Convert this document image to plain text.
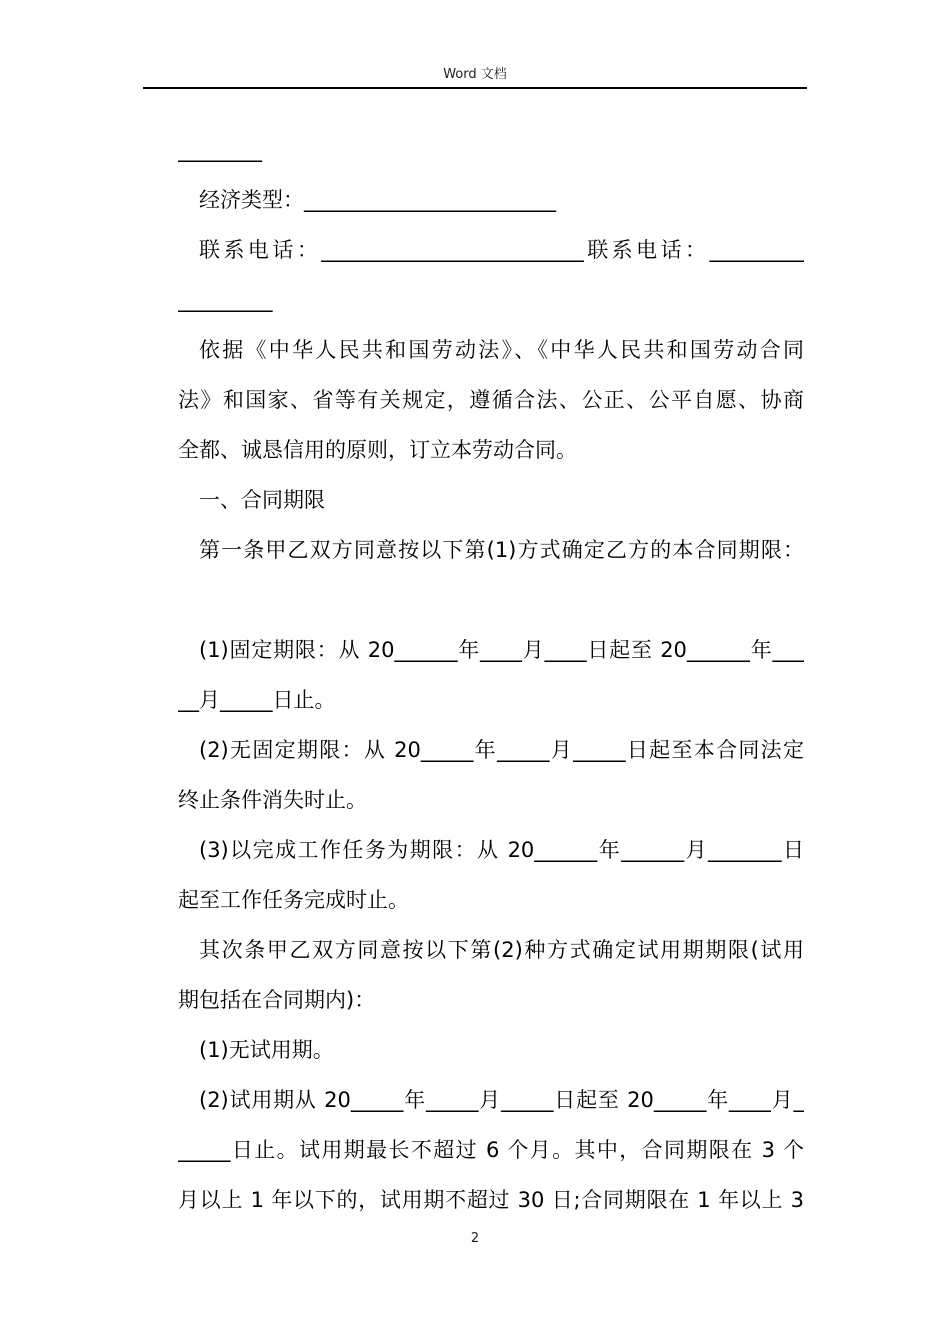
Word 文档
________
经济类型：________________________
联系电话：_________________________联系电话：_________
_________
依据《中华人民共和国劳动法》、《中华人民共和国劳动合同
法》和国家、省等有关规定，遵循合法、公正、公平自愿、协商
全都、诚恳信用的原则，订立本劳动合同。
一、合同期限
第一条甲乙双方同意按以下第(1)方式确定乙方的本合同期限：
(1)固定期限：从 20______年____月____日起至 20______年___
__月_____日止。
(2)无固定期限：从 20_____年_____月_____日起至本合同法定
终止条件消失时止。
(3)以完成工作任务为期限：从 20______年______月_______日
起至工作任务完成时止。
其次条甲乙双方同意按以下第(2)种方式确定试用期期限(试用
期包括在合同期内)：
(1)无试用期。
(2)试用期从 20_____年_____月_____日起至 20_____年____月_
_____日止。试用期最长不超过 6 个月。其中，合同期限在 3 个
月以上 1 年以下的，试用期不超过 30 日;合同期限在 1 年以上 3
2
